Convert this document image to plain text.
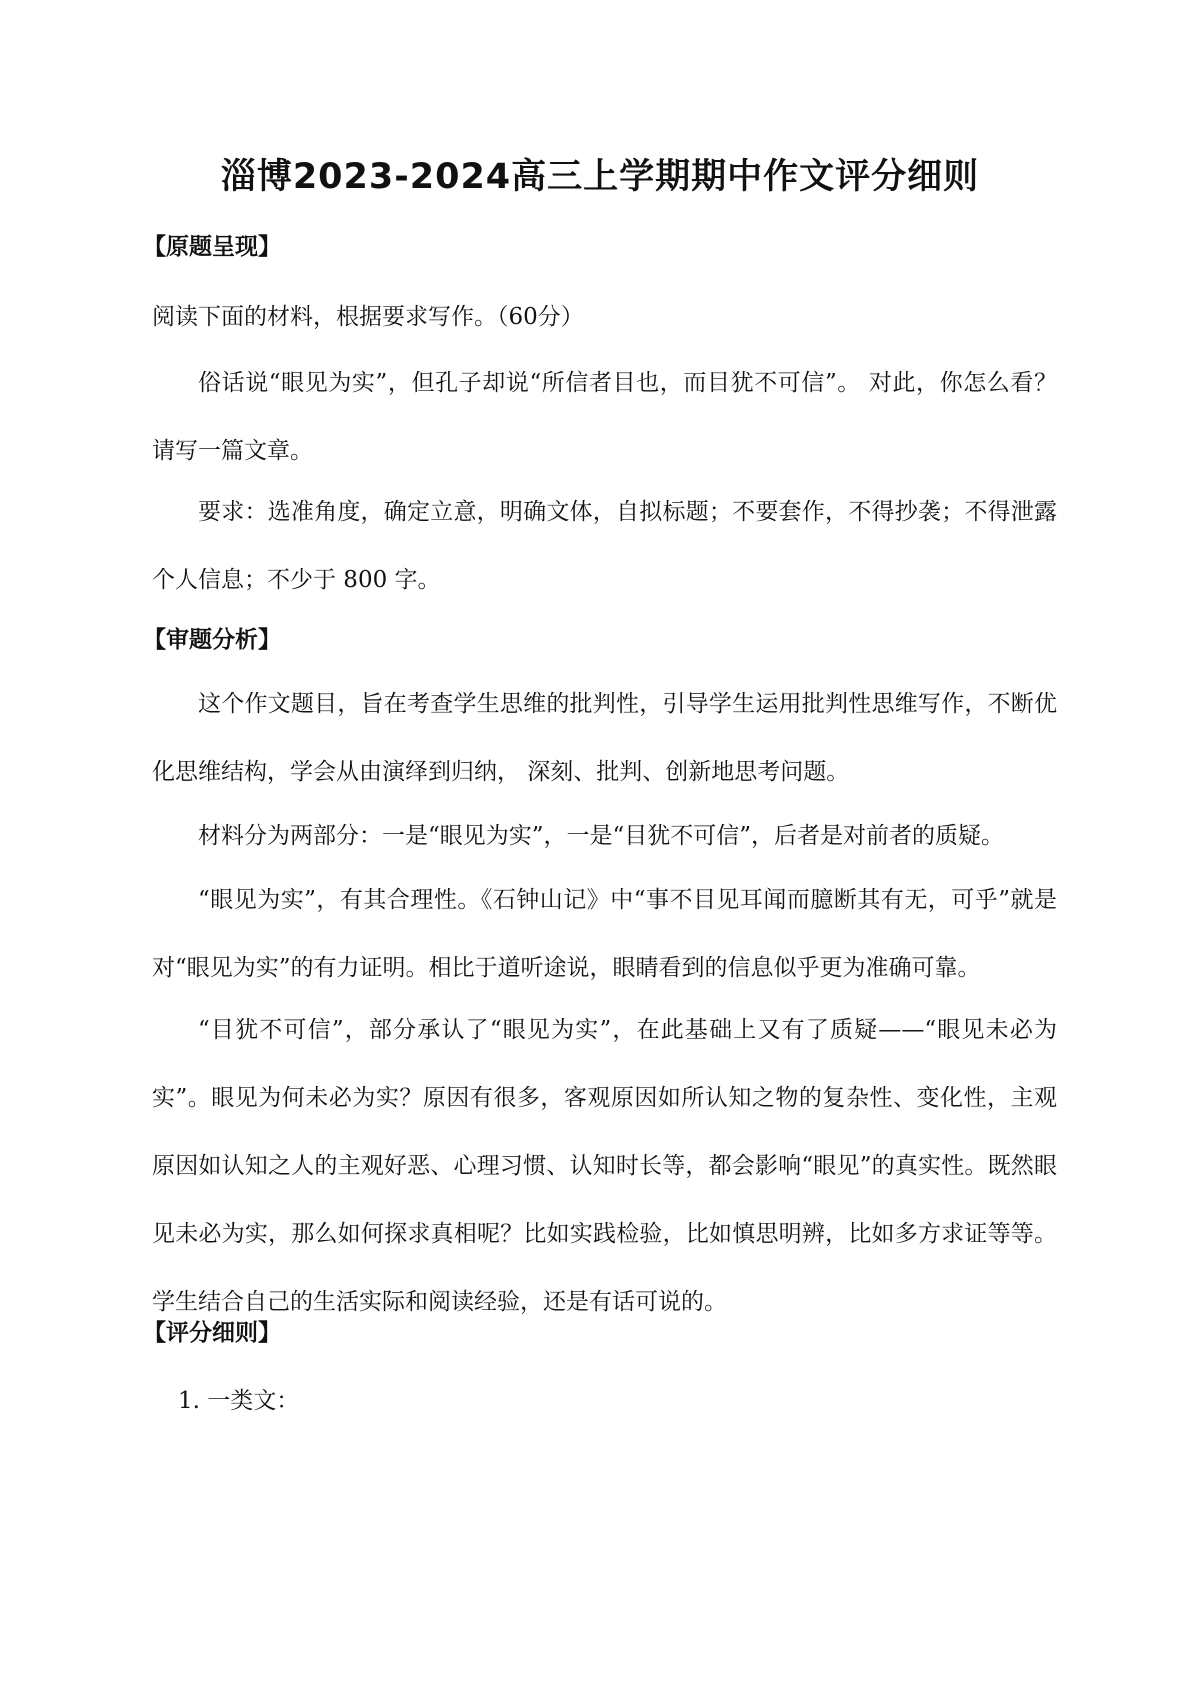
淄博2023-2024高三上学期期中作文评分细则
【原题呈现】
阅读下面的材料，根据要求写作。（60分）
俗话说“眼见为实”，但孔子却说“所信者目也，而目犹不可信”。 对此，你怎么看？请写一篇文章。
要求：选准角度，确定立意，明确文体，自拟标题；不要套作，不得抄袭；不得泄露个人信息；不少于 800 字。
【审题分析】
这个作文题目，旨在考查学生思维的批判性，引导学生运用批判性思维写作，不断优化思维结构，学会从由演绎到归纳， 深刻、批判、创新地思考问题。
材料分为两部分：一是“眼见为实”，一是“目犹不可信”，后者是对前者的质疑。
“眼见为实”，有其合理性。《石钟山记》中“事不目见耳闻而臆断其有无，可乎”就是对“眼见为实”的有力证明。相比于道听途说，眼睛看到的信息似乎更为准确可靠。
“目犹不可信”，部分承认了“眼见为实”，在此基础上又有了质疑——“眼见未必为实”。眼见为何未必为实？原因有很多，客观原因如所认知之物的复杂性、变化性，主观原因如认知之人的主观好恶、心理习惯、认知时长等，都会影响“眼见”的真实性。既然眼见未必为实，那么如何探求真相呢？比如实践检验，比如慎思明辨，比如多方求证等等。学生结合自己的生活实际和阅读经验，还是有话可说的。
【评分细则】
1. 一类文：
